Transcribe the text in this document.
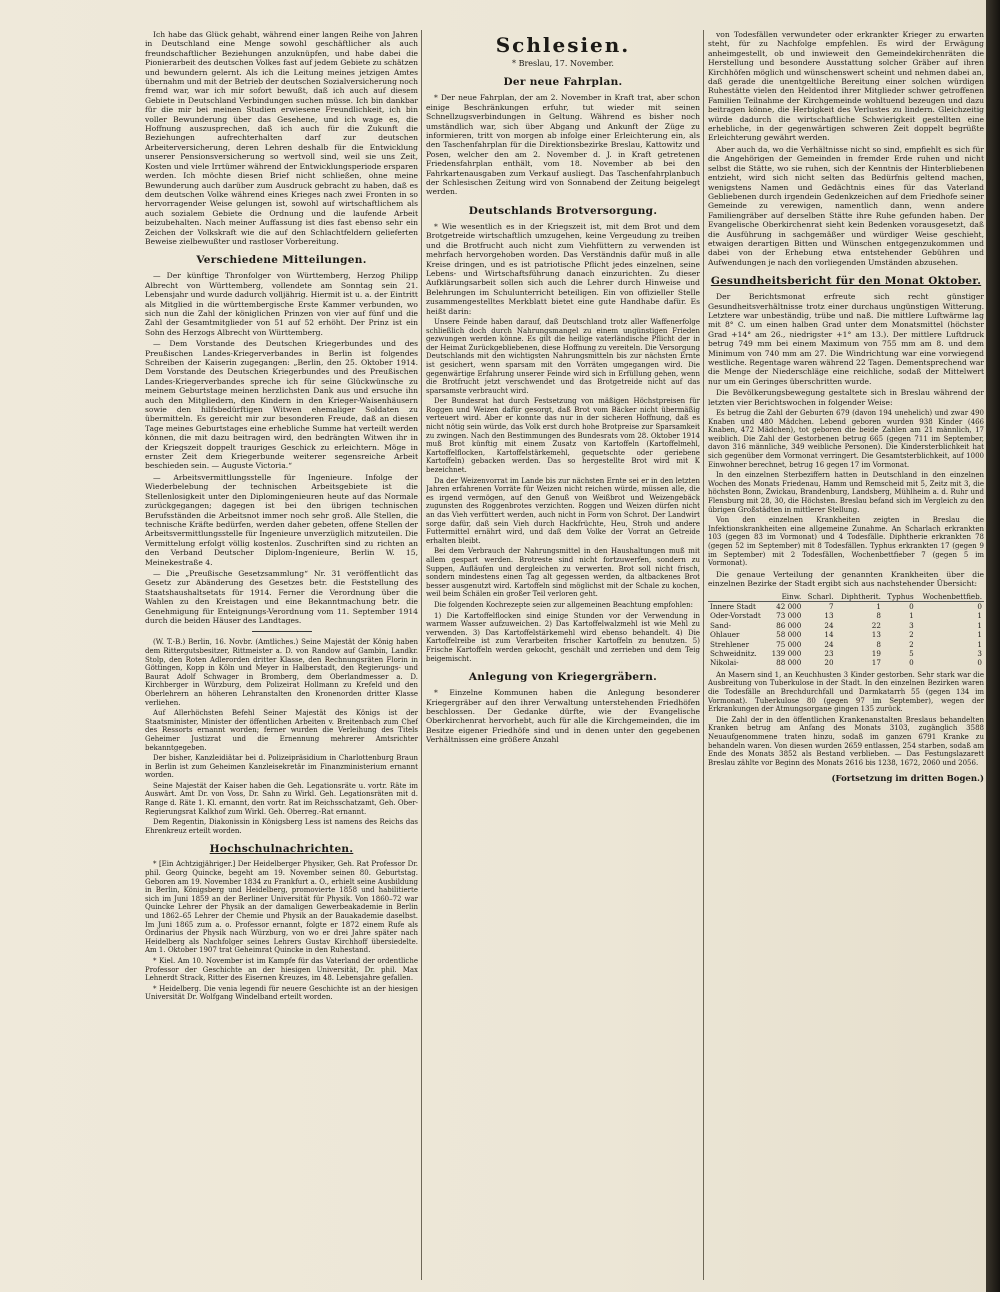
Ich habe das Glück gehabt, während einer langen Reihe von Jahren in Deutschland eine Menge sowohl geschäftlicher als auch freundschaftlicher Beziehungen anzuknüpfen, und habe dabei die Pionierarbeit des deutschen Volkes fast auf jedem Gebiete zu schätzen und bewundern gelernt. Als ich die Leitung meines jetzigen Amtes übernahm und mit der Betrieb der deutschen Sozialversicherung noch fremd war, war ich mir sofort bewußt, daß ich auch auf diesem Gebiete in Deutschland Verbindungen suchen müsse. Ich bin dankbar für die mir bei meinen Studien erwiesene Freundlichkeit, ich bin voller Bewunderung über das Gesehene, und ich wage es, die Hoffnung auszusprechen, daß ich auch für die Zukunft die Beziehungen aufrechterhalten darf zur deutschen Arbeiterversicherung, deren Lehren deshalb für die Entwicklung unserer Pensionsversicherung so wertvoll sind, weil sie uns Zeit, Kosten und viele Irrtümer während der Entwicklungsperiode ersparen werden. Ich möchte diesen Brief nicht schließen, ohne meine Bewunderung auch darüber zum Ausdruck gebracht zu haben, daß es dem deutschen Volke während eines Krieges nach zwei Fronten in so hervorragender Weise gelungen ist, sowohl auf wirtschaftlichem als auch sozialem Gebiete die Ordnung und die laufende Arbeit beizubehalten. Nach meiner Auffassung ist dies fast ebenso sehr ein Zeichen der Volkskraft wie die auf den Schlachtfeldern gelieferten Beweise zielbewußter und rastloser Vorbereitung.

Verschiedene Mitteilungen.

— Der künftige Thronfolger von Württemberg, Herzog Philipp Albrecht von Württemberg, vollendete am Sonntag sein 21. Lebensjahr und wurde dadurch volljährig. Hiermit ist u. a. der Eintritt als Mitglied in die württembergische Erste Kammer verbunden, wo sich nun die Zahl der königlichen Prinzen von vier auf fünf und die Zahl der Gesamtmitglieder von 51 auf 52 erhöht. Der Prinz ist ein Sohn des Herzogs Albrecht von Württemberg.

— Dem Vorstande des Deutschen Kriegerbundes und des Preußischen Landes-Kriegerverbandes in Berlin ist folgendes Schreiben der Kaiserin zugegangen: „Berlin, den 25. Oktober 1914. Dem Vorstande des Deutschen Kriegerbundes und des Preußischen Landes-Kriegerverbandes spreche ich für seine Glückwünsche zu meinem Geburtstage meinen herzlichsten Dank aus und ersuche ihn auch den Mitgliedern, den Kindern in den Krieger-Waisenhäusern sowie den hilfsbedürftigen Witwen ehemaliger Soldaten zu übermitteln. Es gereicht mir zur besonderen Freude, daß an diesen Tage meines Geburtstages eine erhebliche Summe hat verteilt werden können, die mit dazu beitragen wird, den bedrängten Witwen ihr in der Kriegszeit doppelt trauriges Geschick zu erleichtern. Möge in ernster Zeit dem Kriegerbunde weiterer segensreiche Arbeit beschieden sein. — Auguste Victoria.“

— Arbeitsvermittlungsstelle für Ingenieure. Infolge der Wiederbelebung der technischen Arbeitsgebiete ist die Stellenlosigkeit unter den Diplomingenieuren heute auf das Normale zurückgegangen; dagegen ist bei den übrigen technischen Berufsständen die Arbeitsnot immer noch sehr groß. Alle Stellen, die technische Kräfte bedürfen, werden daher gebeten, offene Stellen der Arbeitsvermittlungsstelle für Ingenieure unverzüglich mitzuteilen. Die Vermittelung erfolgt völlig kostenlos. Zuschriften sind zu richten an den Verband Deutscher Diplom-Ingenieure, Berlin W. 15, Meinekestraße 4.

— Die „Preußische Gesetzsammlung“ Nr. 31 veröffentlicht das Gesetz zur Abänderung des Gesetzes betr. die Feststellung des Staatshaushaltsetats für 1914. Ferner die Verordnung über die Wahlen zu den Kreistagen und eine Bekanntmachung betr. die Genehmigung für Enteignungs-Verordnung vom 11. September 1914 durch die beiden Häuser des Landtages.

(W. T.-B.) Berlin, 16. Novbr. (Amtliches.) Seine Majestät der König haben dem Rittergutsbesitzer, Rittmeister a. D. von Randow auf Gambin, Landkr. Stolp, den Roten Adlerorden dritter Klasse, den Rechnungsräten Florin in Göttingen, Kopp in Köln und Meyer in Halberstadt, den Regierungs- und Baurat Adolf Schwager in Bromberg, dem Oberlandmesser a. D. Kirchberger in Würzburg, dem Polizeirat Hollmann zu Krefeld und den Oberlehrern an höheren Lehranstalten den Kronenorden dritter Klasse verliehen.

Auf Allerhöchsten Befehl Seiner Majestät des Königs ist der Staatsminister, Minister der öffentlichen Arbeiten v. Breitenbach zum Chef des Ressorts ernannt worden; ferner wurden die Verleihung des Titels Geheimer Justizrat und die Ernennung mehrerer Amtsrichter bekanntgegeben.

Der bisher, Kanzleidiätar bei d. Polizeipräsidium in Charlottenburg Braun in Berlin ist zum Geheimen Kanzleisekretär im Finanzministerium ernannt worden.

Seine Majestät der Kaiser haben die Geh. Legationsräte u. vortr. Räte im Auswärt. Amt Dr. von Voss, Dr. Sahn zu Wirkl. Geh. Legationsräten mit d. Range d. Räte 1. Kl. ernannt, den vortr. Rat im Reichsschatzamt, Geh. Ober-Regierungsrat Kalkhof zum Wirkl. Geh. Oberreg.-Rat ernannt.

Dem Regentin, Diakonissin in Königsberg Less ist namens des Reichs das Ehrenkreuz erteilt worden.

Hochschulnachrichten.

* [Ein Achtzigjähriger.] Der Heidelberger Physiker, Geh. Rat Professor Dr. phil. Georg Quincke, begeht am 19. November seinen 80. Geburtstag. Geboren am 19. November 1834 zu Frankfurt a. O., erhielt seine Ausbildung in Berlin, Königsberg und Heidelberg, promovierte 1858 und habilitierte sich im Juni 1859 an der Berliner Universität für Physik. Von 1860–72 war Quincke Lehrer der Physik an der damaligen Gewerbeakademie in Berlin und 1862–65 Lehrer der Chemie und Physik an der Bauakademie daselbst. Im Juni 1865 zum a. o. Professor ernannt, folgte er 1872 einem Rufe als Ordinarius der Physik nach Würzburg, von wo er drei Jahre später nach Heidelberg als Nachfolger seines Lehrers Gustav Kirchhoff übersiedelte. Am 1. Oktober 1907 trat Geheimrat Quincke in den Ruhestand.

* Kiel. Am 10. November ist im Kampfe für das Vaterland der ordentliche Professor der Geschichte an der hiesigen Universität, Dr. phil. Max Lehnerdt Strack, Ritter des Eisernen Kreuzes, im 48. Lebensjahre gefallen.

* Heidelberg. Die venia legendi für neuere Geschichte ist an der hiesigen Universität Dr. Wolfgang Windelband erteilt worden.

Schlesien.
* Breslau, 17. November.
Der neue Fahrplan.

* Der neue Fahrplan, der am 2. November in Kraft trat, aber schon einige Beschränkungen erfuhr, tut wieder mit seinen Schnellzugsverbindungen in Geltung. Während es bisher noch umständlich war, sich über Abgang und Ankunft der Züge zu informieren, tritt von morgen ab infolge einer Erleichterung ein, als den Taschenfahrplan für die Direktionsbezirke Breslau, Kattowitz und Posen, welcher den am 2. November d. J. in Kraft getretenen Friedensfahrplan enthält, vom 18. November ab bei den Fahrkartenausgaben zum Verkauf ausliegt. Das Taschenfahrplanbuch der Schlesischen Zeitung wird von Sonnabend der Zeitung beigelegt werden.

Deutschlands Brotversorgung.

* Wie wesentlich es in der Kriegszeit ist, mit dem Brot und dem Brotgetreide wirtschaftlich umzugehen, keine Vergeudung zu treiben und die Brotfrucht auch nicht zum Viehfüttern zu verwenden ist mehrfach hervorgehoben worden. Das Verständnis dafür muß in alle Kreise dringen, und es ist patriotische Pflicht jedes einzelnen, seine Lebens- und Wirtschaftsführung danach einzurichten. Zu dieser Aufklärungsarbeit sollen sich auch die Lehrer durch Hinweise und Belehrungen im Schulunterricht beteiligen. Ein von offizieller Stelle zusammengestelltes Merkblatt bietet eine gute Handhabe dafür. Es heißt darin:

Unsere Feinde haben darauf, daß Deutschland trotz aller Waffenerfolge schließlich doch durch Nahrungsmangel zu einem ungünstigen Frieden gezwungen werden könne. Es gilt die heilige vaterländische Pflicht der in der Heimat Zurückgebliebenen, diese Hoffnung zu vereiteln. Die Versorgung Deutschlands mit den wichtigsten Nahrungsmitteln bis zur nächsten Ernte ist gesichert, wenn sparsam mit den Vorräten umgegangen wird. Die gegenwärtige Erfahrung unserer Feinde wird sich in Erfüllung gehen, wenn die Brotfrucht jetzt verschwendet und das Brotgetreide nicht auf das sparsamste verbraucht wird.

Der Bundesrat hat durch Festsetzung von mäßigen Höchstpreisen für Roggen und Weizen dafür gesorgt, daß Brot vom Bäcker nicht übermäßig verteuert wird. Aber er konnte das nur in der sicheren Hoffnung, daß es nicht nötig sein würde, das Volk erst durch hohe Brotpreise zur Sparsamkeit zu zwingen. Nach den Bestimmungen des Bundesrats vom 28. Oktober 1914 muß Brot künftig mit einem Zusatz von Kartoffeln (Kartoffelmehl, Kartoffelflocken, Kartoffelstärkemehl, gequetschte oder geriebene Kartoffeln) gebacken werden. Das so hergestellte Brot wird mit K bezeichnet.

Da der Weizenvorrat im Lande bis zur nächsten Ernte sei er in den letzten Jahren erfahrenen Vorräte für Weizen nicht reichen würde, müssen alle, die es irgend vermögen, auf den Genuß von Weißbrot und Weizengebäck zugunsten des Roggenbrotes verzichten. Roggen und Weizen dürfen nicht an das Vieh verfüttert werden, auch nicht in Form von Schrot. Der Landwirt sorge dafür, daß sein Vieh durch Hackfrüchte, Heu, Stroh und andere Futtermittel ernährt wird, und daß dem Volke der Vorrat an Getreide erhalten bleibt.

Bei dem Verbrauch der Nahrungsmittel in den Haushaltungen muß mit allem gespart werden. Brotreste sind nicht fortzuwerfen, sondern zu Suppen, Aufläufen und dergleichen zu verwerten. Brot soll nicht frisch, sondern mindestens einen Tag alt gegessen werden, da altbackenes Brot besser ausgenutzt wird. Kartoffeln sind möglichst mit der Schale zu kochen, weil beim Schälen ein großer Teil verloren geht.

Die folgenden Kochrezepte seien zur allgemeinen Beachtung empfohlen:

1) Die Kartoffelflocken sind einige Stunden vor der Verwendung in warmem Wasser aufzuweichen. 2) Das Kartoffelwalzmehl ist wie Mehl zu verwenden. 3) Das Kartoffelstärkemehl wird ebenso behandelt. 4) Die Kartoffelreibe ist zum Verarbeiten frischer Kartoffeln zu benutzen. 5) Frische Kartoffeln werden gekocht, geschält und zerrieben und dem Teig beigemischt.

Anlegung von Kriegergräbern.

* Einzelne Kommunen haben die Anlegung besonderer Kriegergräber auf den ihrer Verwaltung unterstehenden Friedhöfen beschlossen. Der Gedanke dürfte, wie der Evangelische Oberkirchenrat hervorhebt, auch für alle die Kirchgemeinden, die im Besitze eigener Friedhöfe sind und in denen unter den gegebenen Verhältnissen eine größere Anzahl

von Todesfällen verwundeter oder erkrankter Krieger zu erwarten steht, für zu Nachfolge empfehlen. Es wird der Erwägung anheimgestellt, ob und inwieweit den Gemeindekirchenräten die Herstellung und besondere Ausstattung solcher Gräber auf ihren Kirchhöfen möglich und wünschenswert scheint und nehmen dabei an, daß gerade die unentgeltliche Bereitung einer solchen würdigen Ruhestätte vielen den Heldentod ihrer Mitglieder schwer getroffenen Familien Teilnahme der Kirchgemeinde wohltuend bezeugen und dazu beitragen könne, die Herbigkeit des Verlustes zu lindern. Gleichzeitig würde dadurch die wirtschaftliche Schwierigkeit gestellten eine erhebliche, in der gegenwärtigen schweren Zeit doppelt begrüßte Erleichterung gewährt werden.

Aber auch da, wo die Verhältnisse nicht so sind, empfiehlt es sich für die Angehörigen der Gemeinden in fremder Erde ruhen und nicht selbst die Stätte, wo sie ruhen, sich der Kenntnis der Hinterbliebenen entzieht, wird sich nicht selten das Bedürfnis geltend machen, wenigstens Namen und Gedächtnis eines für das Vaterland Gebliebenen durch irgendein Gedenkzeichen auf dem Friedhofe seiner Gemeinde zu verewigen, namentlich dann, wenn andere Familiengräber auf derselben Stätte ihre Ruhe gefunden haben. Der Evangelische Oberkirchenrat sieht kein Bedenken vorausgesetzt, daß die Ausführung in sachgemäßer und würdiger Weise geschieht, etwaigen derartigen Bitten und Wünschen entgegenzukommen und dabei von der Erhebung etwa entstehender Gebühren und Aufwendungen je nach den vorliegenden Umständen abzusehen.

Gesundheitsbericht für den Monat Oktober.

Der Berichtsmonat erfreute sich recht günstiger Gesundheitsverhältnisse trotz einer durchaus ungünstigen Witterung. Letztere war unbeständig, trübe und naß. Die mittlere Luftwärme lag mit 8° C. um einen halben Grad unter dem Monatsmittel (höchster Grad +14° am 26., niedrigster +1° am 13.). Der mittlere Luftdruck betrug 749 mm bei einem Maximum von 755 mm am 8. und dem Minimum von 740 mm am 27. Die Windrichtung war eine vorwiegend westliche. Regentage waren während 22 Tagen. Dementsprechend war die Menge der Niederschläge eine reichliche, sodaß der Mittelwert nur um ein Geringes überschritten wurde.

Die Bevölkerungsbewegung gestaltete sich in Breslau während der letzten vier Berichtswochen in folgender Weise:

Es betrug die Zahl der Geburten 679 (davon 194 unehelich) und zwar 490 Knaben und 480 Mädchen. Lebend geboren wurden 938 Kinder (466 Knaben, 472 Mädchen), tot geboren die beide Zahlen am 21 männlich, 17 weiblich. Die Zahl der Gestorbenen betrug 665 (gegen 711 im September, davon 316 männliche, 349 weibliche Personen). Die Kindersterblichkeit hat sich gegenüber dem Vormonat verringert. Die Gesamtsterblichkeit, auf 1000 Einwohner berechnet, betrug 16 gegen 17 im Vormonat.

In den einzelnen Sterbeziffern hatten in Deutschland in den einzelnen Wochen des Monats Friedenau, Hamm und Remscheid mit 5, Zeitz mit 3, die höchsten Bonn, Zwickau, Brandenburg, Landsberg, Mühlheim a. d. Ruhr und Flensburg mit 28, 30, die Höchsten. Breslau befand sich im Vergleich zu den übrigen Großstädten in mittlerer Stellung.

Von den einzelnen Krankheiten zeigten in Breslau die Infektionskrankheiten eine allgemeine Zunahme. An Scharlach erkrankten 103 (gegen 83 im Vormonat) und 4 Todesfälle. Diphtherie erkrankten 78 (gegen 52 im September) mit 8 Todesfällen. Typhus erkrankten 17 (gegen 9 im September) mit 2 Todesfällen, Wochenbettfieber 7 (gegen 5 im Vormonat).

Die genaue Verteilung der genannten Krankheiten über die einzelnen Bezirke der Stadt ergibt sich aus nachstehender Übersicht:

	Einw.	Scharl.	Diphtherit.	Typhus	Wochenbettfieb.
Innere Stadt	42 000	7	1	0	0
Oder-Vorstadt	73 000	13	8	1	1
Sand-	86 000	24	22	3	1
Ohlauer	58 000	14	13	2	1
Strehlener	75 000	24	8	2	1
Schweidnitz.	139 000	23	19	5	3
Nikolai-	88 000	20	17	0	0

An Masern sind 1, an Keuchhusten 3 Kinder gestorben. Sehr stark war die Ausbreitung von Tuberkulose in der Stadt. In den einzelnen Bezirken waren die Todesfälle an Brechdurchfall und Darmkatarrh 55 (gegen 134 im Vormonat). Tuberkulose 80 (gegen 97 im September), wegen der Erkrankungen der Atmungsorgane gingen 135 zurück.

Die Zahl der in den öffentlichen Krankenanstalten Breslaus behandelten Kranken betrug am Anfang des Monats 3103, zugänglich 3588 Neuaufgenommene traten hinzu, sodaß im ganzen 6791 Kranke zu behandeln waren. Von diesen wurden 2659 entlassen, 254 starben, sodaß am Ende des Monats 3852 als Bestand verblieben. — Das Festungslazarett Breslau zählte vor Beginn des Monats 2616 bis 1238, 1672, 2060 und 2056.

(Fortsetzung im dritten Bogen.)
